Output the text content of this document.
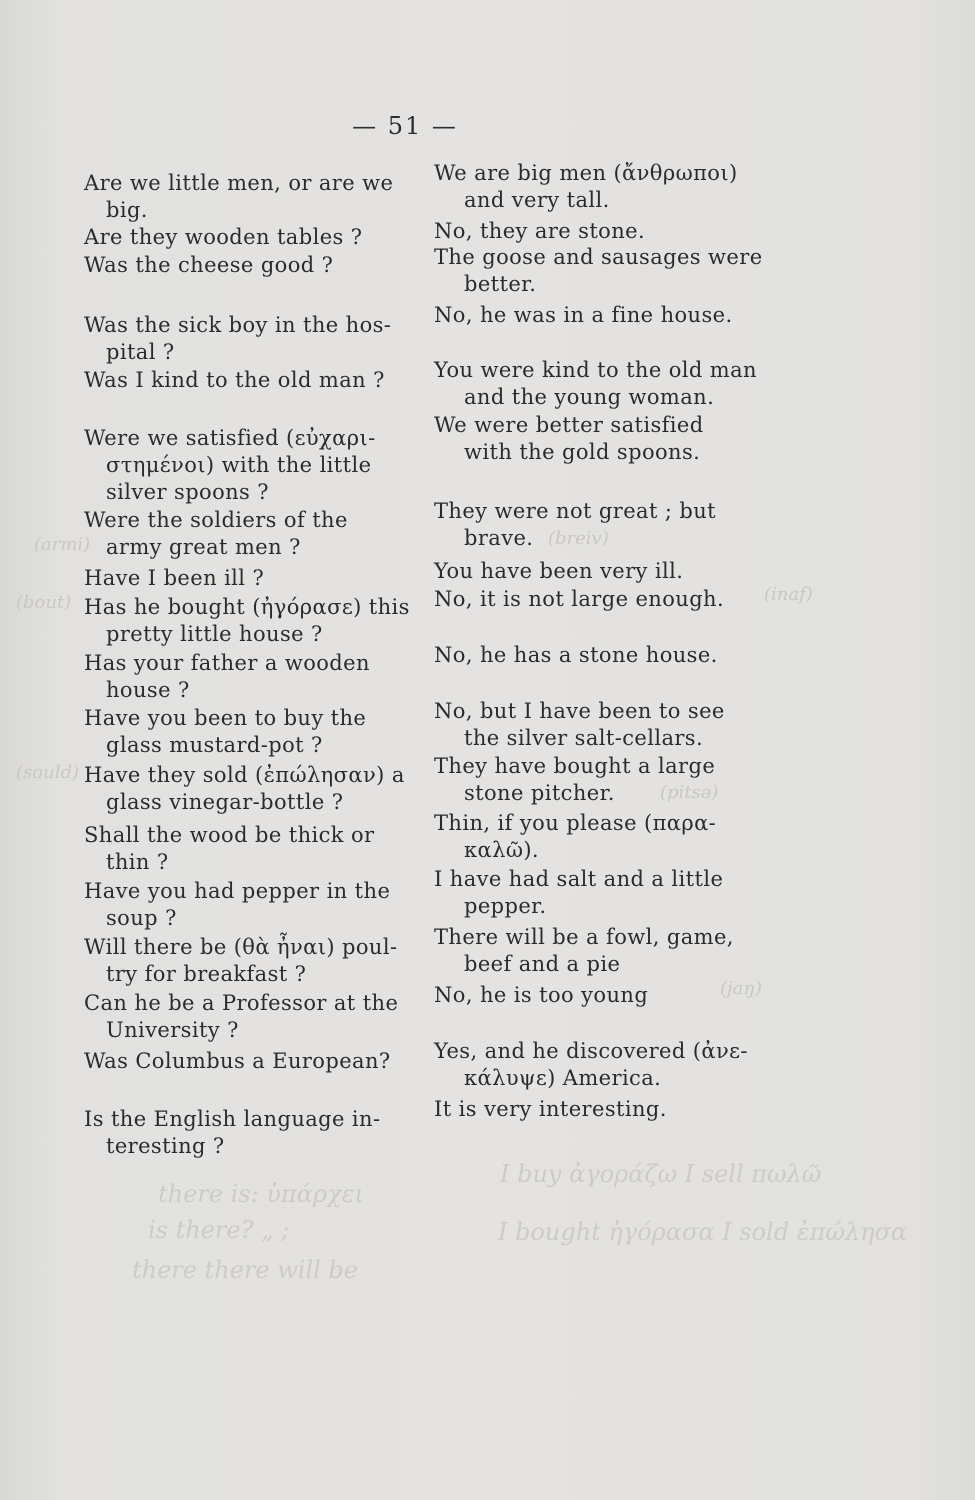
— 51 —
Are we little men, or are we
big.
Are they wooden tables ?
Was the cheese good ?
Was the sick boy in the hos-
pital ?
Was I kind to the old man ?
Were we satisfied (εὐχαρι-
στημένοι) with the little
silver spoons ?
Were the soldiers of the
army great men ?
Have I been ill ?
Has he bought (ἠγόρασε) this
pretty little house ?
Has your father a wooden
house ?
Have you been to buy the
glass mustard-pot ?
Have they sold (ἐπώλησαν) a
glass vinegar-bottle ?
Shall the wood be thick or
thin ?
Have you had pepper in the
soup ?
Will there be (θὰ ἦναι) poul-
try for breakfast ?
Can he be a Professor at the
University ?
Was Columbus a European?
Is the English language in-
teresting ?
We are big men (ἄνθρωποι)
and very tall.
No, they are stone.
The goose and sausages were
better.
No, he was in a fine house.
You were kind to the old man
and the young woman.
We were better satisfied
with the gold spoons.
They were not great ; but
brave.
You have been very ill.
No, it is not large enough.
No, he has a stone house.
No, but I have been to see
the silver salt-cellars.
They have bought a large
stone pitcher.
Thin, if you please (παρα-
καλῶ).
I have had salt and a little
pepper.
There will be a fowl, game,
beef and a pie
No, he is too young
Yes, and he discovered (ἀνε-
κάλυψε) America.
It is very interesting.
(armi)
(bout)
(sould)
(breiv)
(inaf)
(pitsə)
(jaŋ)
there is: ὑπάρχει
is there? „ ;
there there will be
I buy ἀγοράζω I sell πωλῶ
I bought ἠγόρασα I sold ἐπώλησα
